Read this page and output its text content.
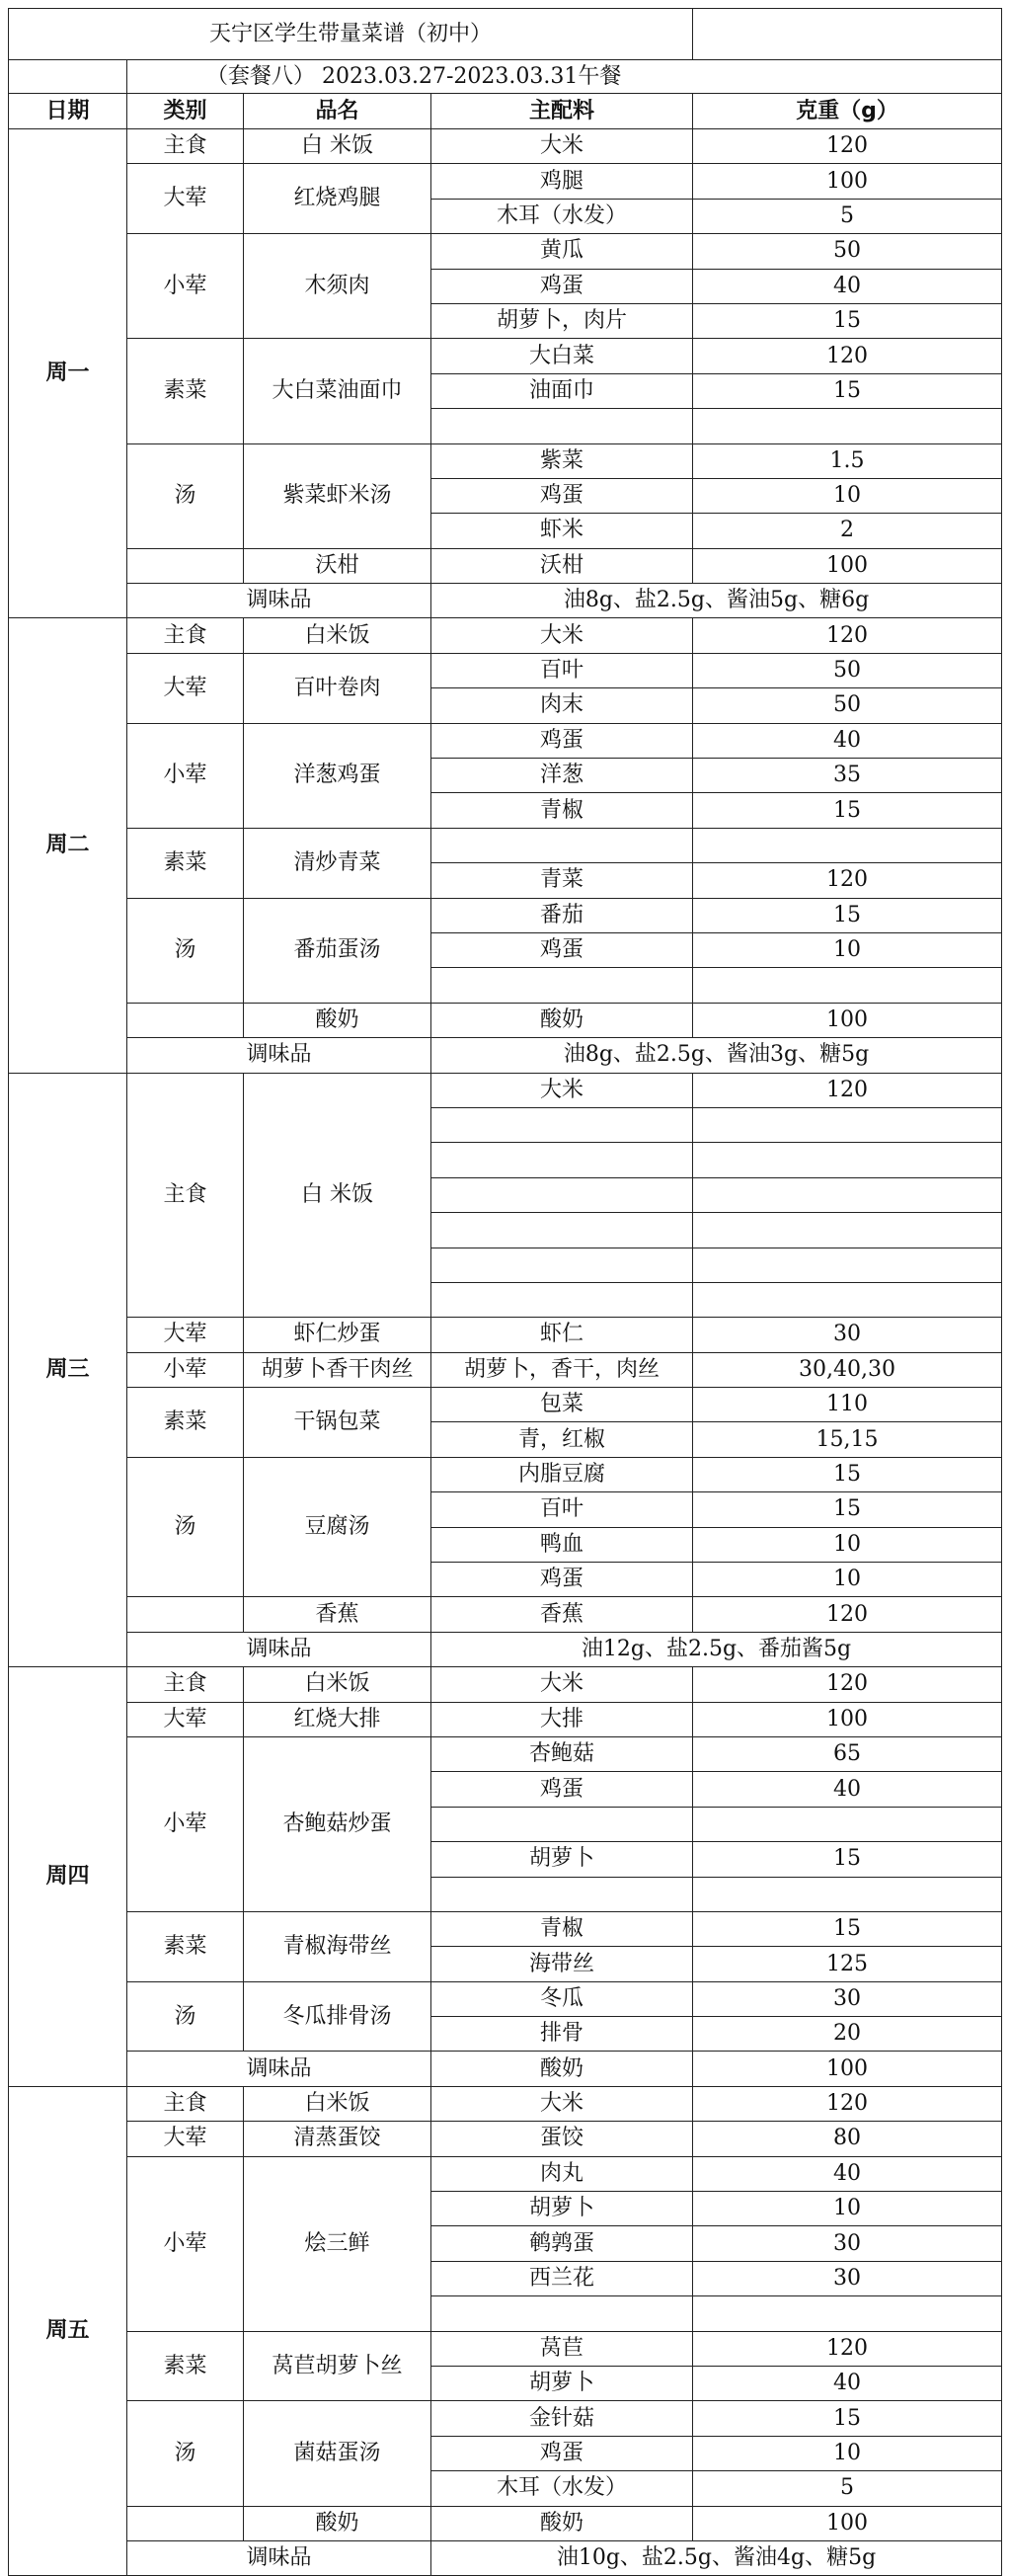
天宁区学生带量菜谱（初中）				
	（套餐八） 2023.03.27-2023.03.31午餐			
日期	类别	品名	主配料	克重（g）
周一	主食	白 米饭	大米	120
	大荤	红烧鸡腿	鸡腿	100
			木耳（水发）	5
	小荤	木须肉	黄瓜	50
			鸡蛋	40
			胡萝卜，肉片	15
	素菜	大白菜油面巾	大白菜	120
			油面巾	15

	汤	紫菜虾米汤	紫菜	1.5
			鸡蛋	10
			虾米	2
		沃柑	沃柑	100
	调味品		油8g、盐2.5g、酱油5g、糖6g	
周二	主食	白米饭	大米	120
	大荤	百叶卷肉	百叶	50
			肉末	50
	小荤	洋葱鸡蛋	鸡蛋	40
			洋葱	35
			青椒	15
	素菜	清炒青菜		
			青菜	120
	汤	番茄蛋汤	番茄	15
			鸡蛋	10

		酸奶	酸奶	100
	调味品		油8g、盐2.5g、酱油3g、糖5g	
周三	主食	白 米饭	大米	120

	大荤	虾仁炒蛋	虾仁	30
	小荤	胡萝卜香干肉丝	胡萝卜，香干，肉丝	30,40,30
	素菜	干锅包菜	包菜	110
			青，红椒	15,15
	汤	豆腐汤	内脂豆腐	15
			百叶	15
			鸭血	10
			鸡蛋	10
		香蕉	香蕉	120
	调味品		油12g、盐2.5g、番茄酱5g	
周四	主食	白米饭	大米	120
	大荤	红烧大排	大排	100
	小荤	杏鲍菇炒蛋	杏鲍菇	65
			鸡蛋	40

			胡萝卜	15

	素菜	青椒海带丝	青椒	15
			海带丝	125
	汤	冬瓜排骨汤	冬瓜	30
			排骨	20
	调味品		酸奶	100
周五	主食	白米饭	大米	120
	大荤	清蒸蛋饺	蛋饺	80
	小荤	烩三鲜	肉丸	40
			胡萝卜	10
			鹌鹑蛋	30
			西兰花	30

	素菜	莴苣胡萝卜丝	莴苣	120
			胡萝卜	40
	汤	菌菇蛋汤	金针菇	15
			鸡蛋	10
			木耳（水发）	5
		酸奶	酸奶	100
	调味品		油10g、盐2.5g、酱油4g、糖5g	
